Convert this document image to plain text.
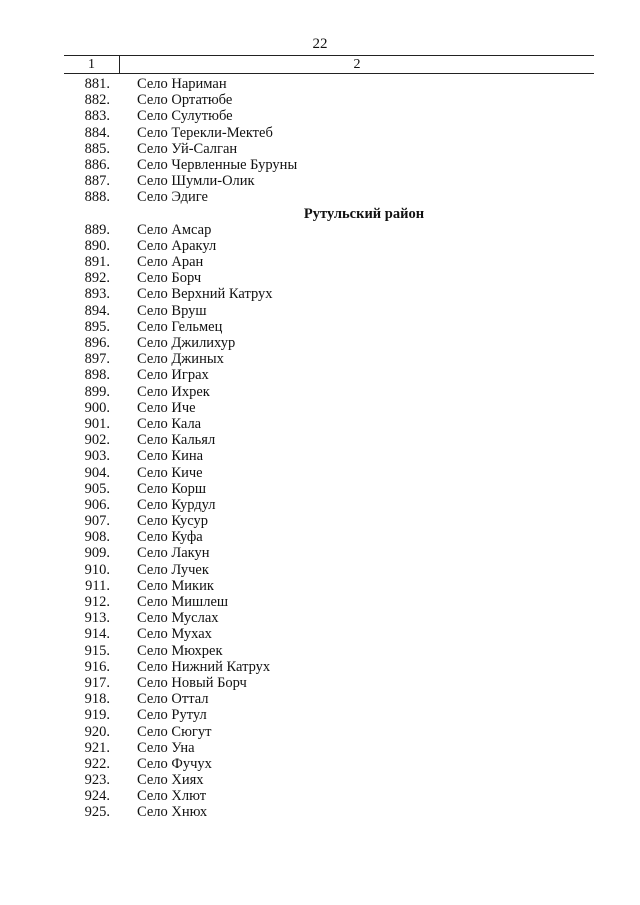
22
1	2
881. Село Нариман
882. Село Ортатюбе
883. Село Сулутюбе
884. Село Терекли-Мектеб
885. Село Уй-Салган
886. Село Червленные Буруны
887. Село Шумли-Олик
888. Село Эдиге
Рутульский район
889. Село Амсар
890. Село Аракул
891. Село Аран
892. Село Борч
893. Село Верхний Катрух
894. Село Вруш
895. Село Гельмец
896. Село Джилихур
897. Село Джиных
898. Село Играх
899. Село Ихрек
900. Село Иче
901. Село Кала
902. Село Кальял
903. Село Кина
904. Село Киче
905. Село Корш
906. Село Курдул
907. Село Кусур
908. Село Куфа
909. Село Лакун
910. Село Лучек
911. Село Микик
912. Село Мишлеш
913. Село Муслах
914. Село Мухах
915. Село Мюхрек
916. Село Нижний Катрух
917. Село Новый Борч
918. Село Оттал
919. Село Рутул
920. Село Сюгут
921. Село Уна
922. Село Фучух
923. Село Хиях
924. Село Хлют
925. Село Хнюх
